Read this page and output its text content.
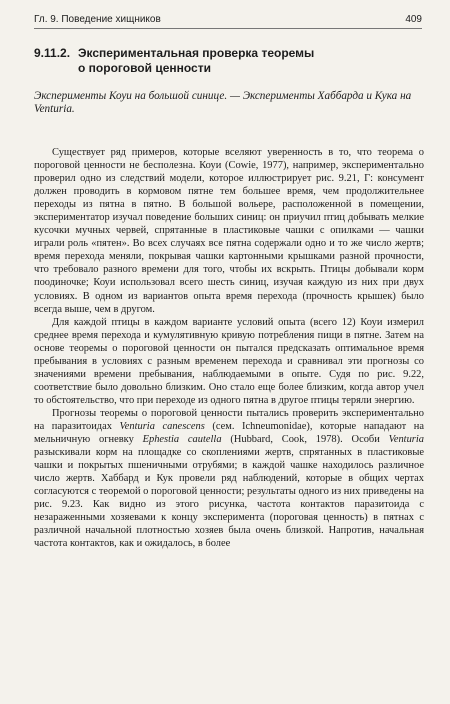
Гл. 9. Поведение хищников	409
9.11.2. Экспериментальная проверка теоремы
о пороговой ценности
Эксперименты Коуи на большой синице. — Эксперименты Хаббарда и Кука на Venturia.

Существует ряд примеров, которые вселяют уверенность в то, что теорема о пороговой ценности не бесполезна. Коуи (Cowie, 1977), например, экспериментально проверил одно из следствий модели, которое иллюстрирует рис. 9.21, Г: консумент должен проводить в кормовом пятне тем большее время, чем продолжительнее переходы из пятна в пятно. В большой вольере, расположенной в помещении, экспериментатор изучал поведение больших синиц: он приучил птиц добывать мелкие кусочки мучных червей, спрятанные в пластиковые чашки с опилками — чашки играли роль «пятен». Во всех случаях все пятна содержали одно и то же число жертв; время перехода меняли, покрывая чашки картонными крышками разной прочности, что требовало разного времени для того, чтобы их вскрыть. Птицы добывали корм поодиночке; Коуи использовал всего шесть синиц, изучая каждую из них при двух условиях. В одном из вариантов опыта время перехода (прочность крышек) было всегда выше, чем в другом.

Для каждой птицы в каждом варианте условий опыта (всего 12) Коуи измерил среднее время перехода и кумулятивную кривую потребления пищи в пятне. Затем на основе теоремы о пороговой ценности он пытался предсказать оптимальное время пребывания в условиях с разным временем перехода и сравнивал эти прогнозы со значениями времени пребывания, наблюдаемыми в опыте. Судя по рис. 9.22, соответствие было довольно близким. Оно стало еще более близким, когда автор учел то обстоятельство, что при переходе из одного пятна в другое птицы теряли энергию.

Прогнозы теоремы о пороговой ценности пытались проверить экспериментально на паразитоидах Venturia canescens (сем. Ichneumonidae), которые нападают на мельничную огневку Ephestia cautella (Hubbard, Cook, 1978). Особи Venturia разыскивали корм на площадке со скоплениями жертв, спрятанных в пластиковые чашки и покрытых пшеничными отрубями; в каждой чашке находилось различное число жертв. Хаббард и Кук провели ряд наблюдений, которые в общих чертах согласуются с теоремой о пороговой ценности; результаты одного из них приведены на рис. 9.23. Как видно из этого рисунка, частота контактов паразитоида с незараженными хозяевами к концу эксперимента (пороговая ценность) в пятнах с различной начальной плотностью хозяев была очень близкой. Напротив, начальная частота контактов, как и ожидалось, в более
